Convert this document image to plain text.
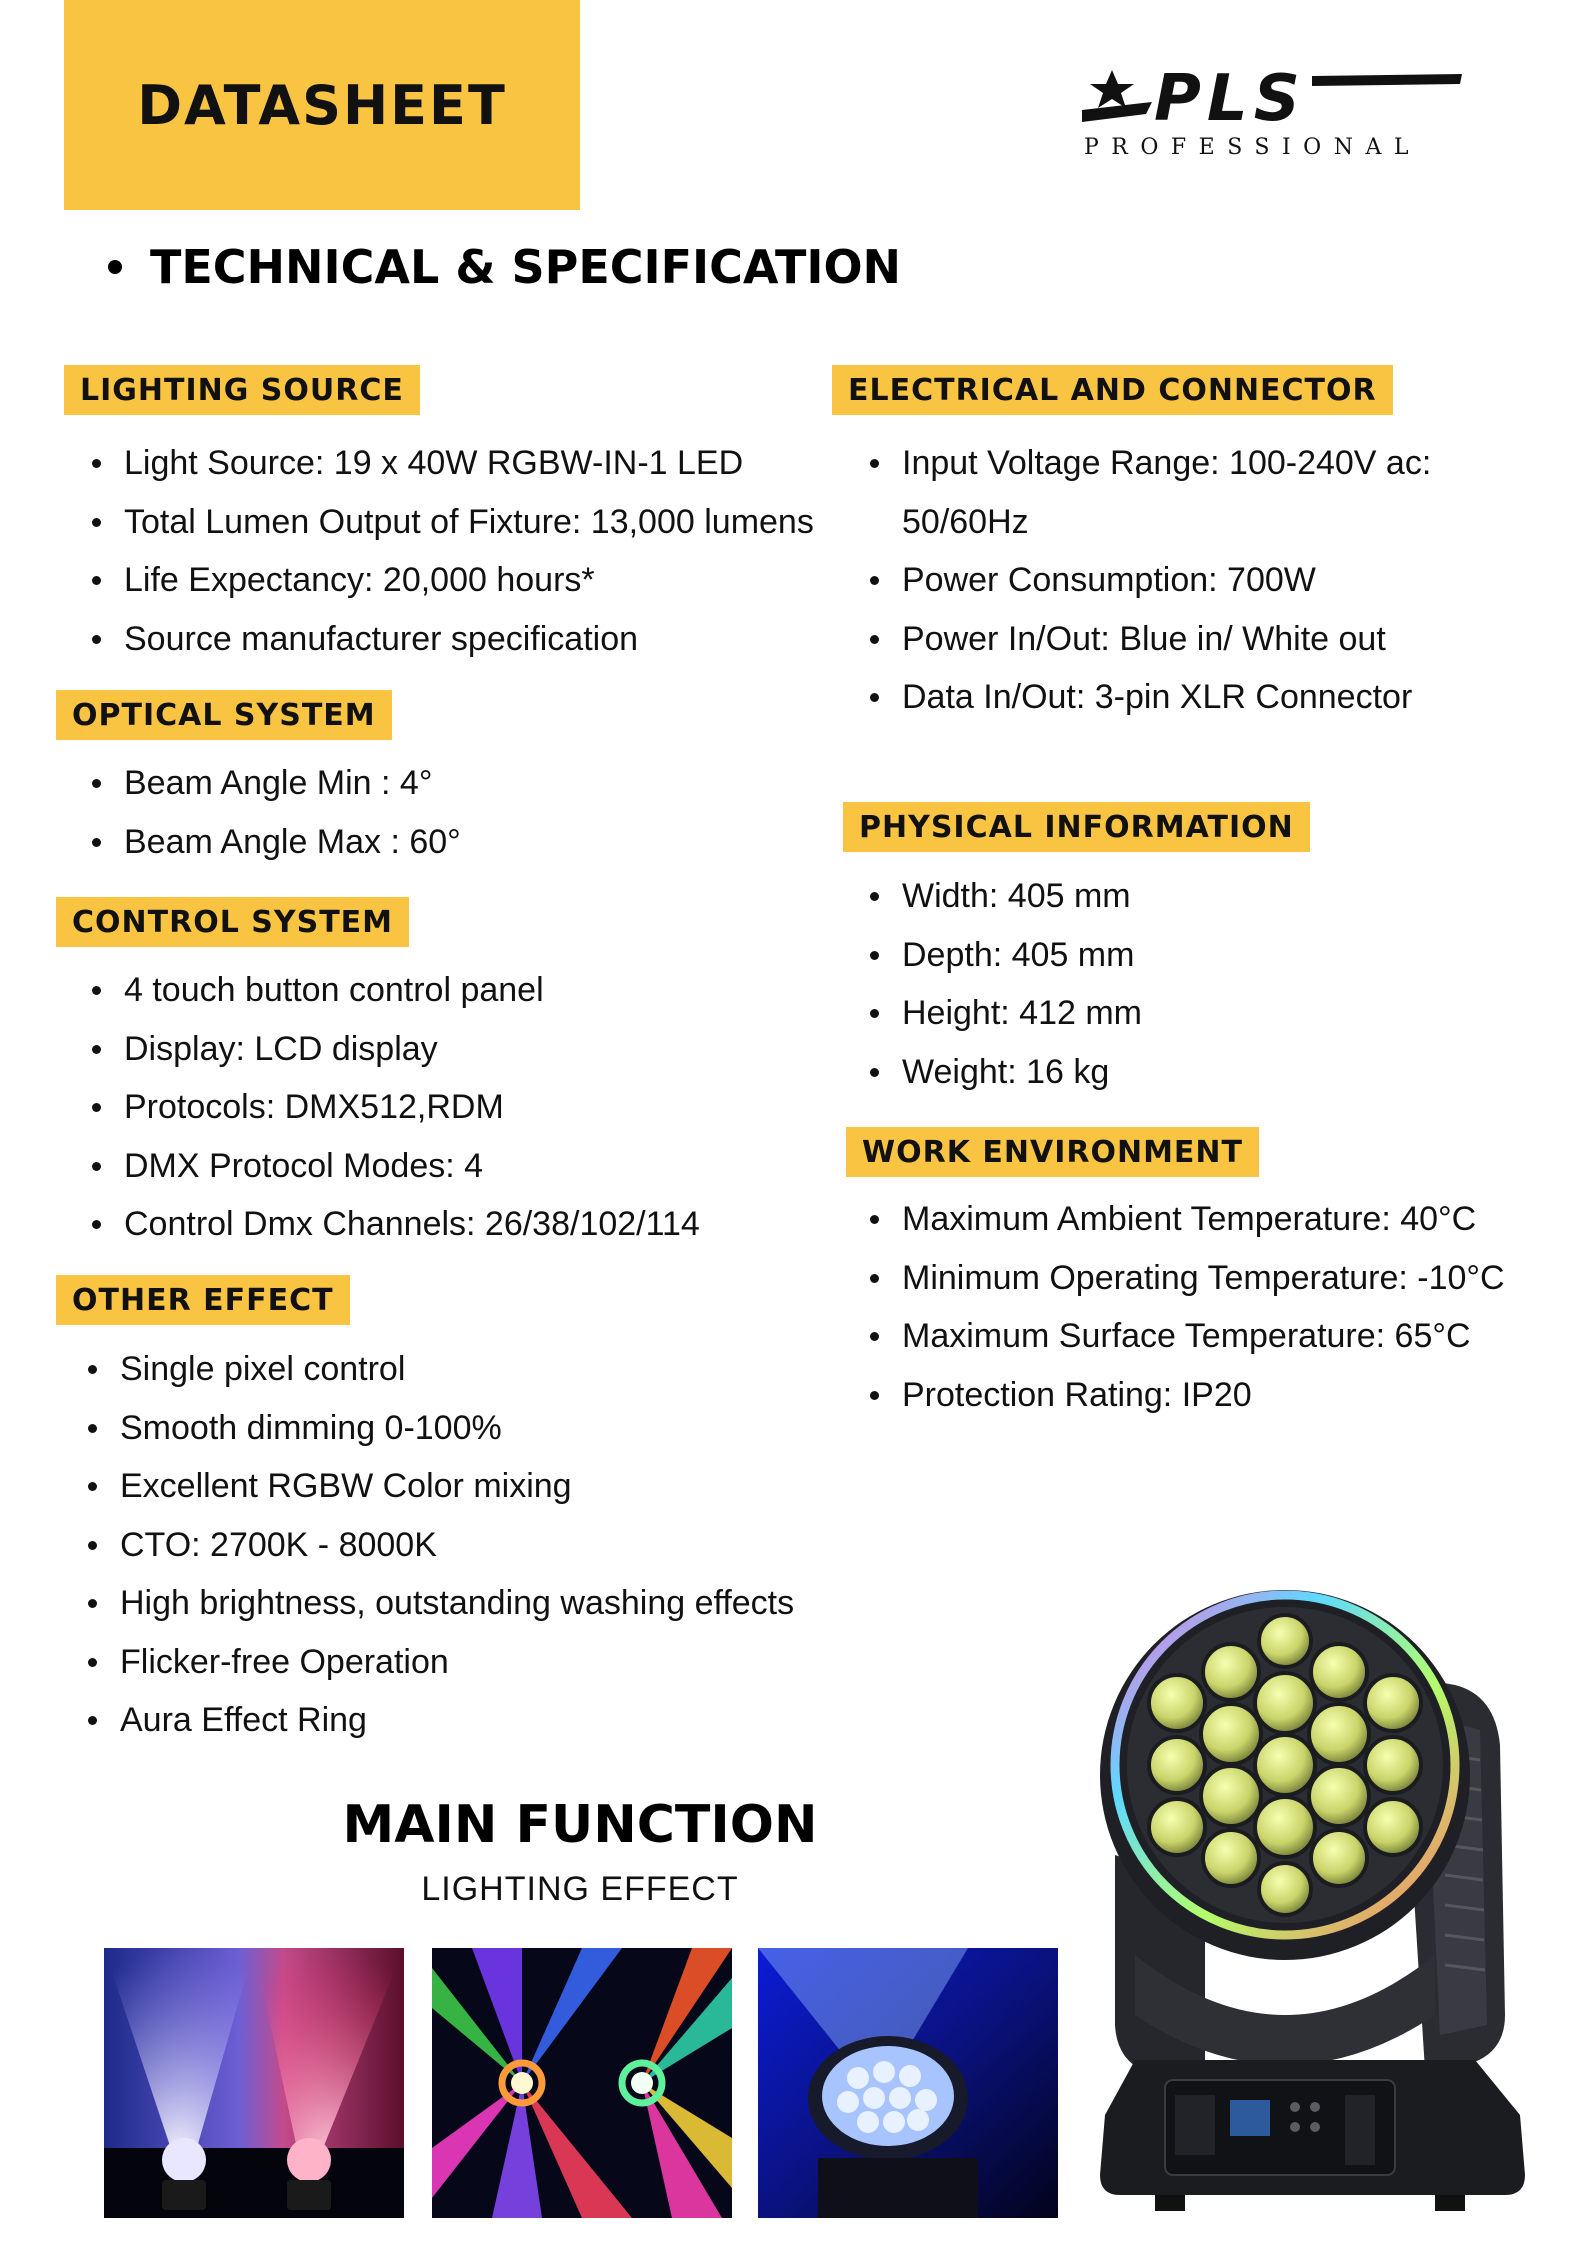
DATASHEET	PLS
PROFESSIONAL
TECHNICAL & SPECIFICATION
LIGHTING SOURCE
Light Source: 19 x 40W RGBW-IN-1 LED
Total Lumen Output of Fixture: 13,000 lumens
Life Expectancy: 20,000 hours*
Source manufacturer specification
OPTICAL SYSTEM
Beam Angle Min : 4°
Beam Angle Max : 60°
CONTROL SYSTEM
4 touch button control panel
Display: LCD display
Protocols: DMX512,RDM
DMX Protocol Modes: 4
Control Dmx Channels: 26/38/102/114
OTHER EFFECT
Single pixel control
Smooth dimming 0-100%
Excellent RGBW Color mixing
CTO: 2700K - 8000K
High brightness, outstanding washing effects
Flicker-free Operation
Aura Effect Ring
ELECTRICAL AND CONNECTOR
Input Voltage Range: 100-240V ac:
50/60Hz
Power Consumption: 700W
Power In/Out: Blue in/ White out
Data In/Out: 3-pin XLR Connector
PHYSICAL INFORMATION
Width: 405 mm
Depth: 405 mm
Height: 412 mm
Weight: 16 kg
WORK ENVIRONMENT
Maximum Ambient Temperature: 40°C
Minimum Operating Temperature: -10°C
Maximum Surface Temperature: 65°C
Protection Rating: IP20
MAIN FUNCTION
LIGHTING EFFECT
